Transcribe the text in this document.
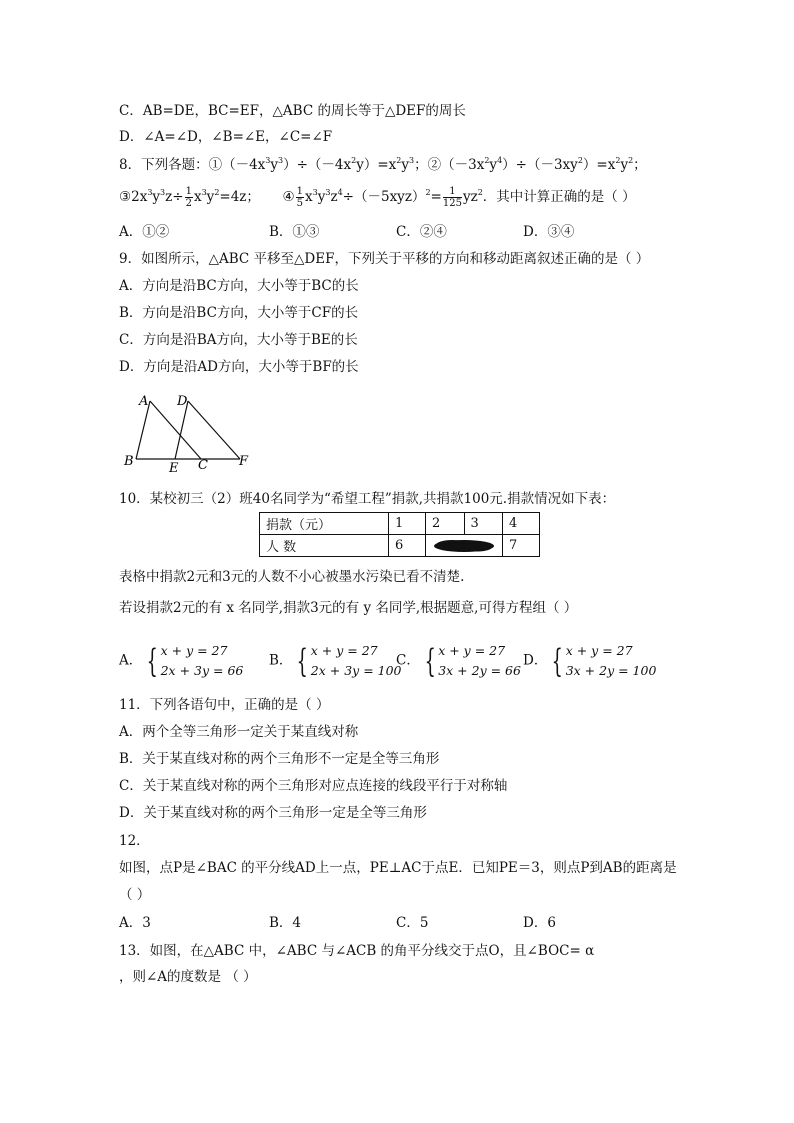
C．AB=DE，BC=EF，△ABC 的周长等于△DEF的周长
D．∠A=∠D，∠B=∠E，∠C=∠F
8．下列各题：$①(-4x^3y^3)\div(-4x^2y)=x^2y^3$；$②(-3x^2y^4)\div(-3xy^2)=x^2y^2$；
$③2x^3y^3z\div \frac{1}{2} x^3y^2=4z$； ④ $\frac{1}{5} x^3y^3z^4\div(-5xyz)^2= \frac{1}{125} yz^2$．其中计算正确的是（ ）
A．①②	B．①③	C．②④	D．③④
9．如图所示，△ABC 平移至△DEF，下列关于平移的方向和移动距离叙述正确的是（ ）
A．方向是沿BC方向，大小等于BC的长
B．方向是沿BC方向，大小等于CF的长
C．方向是沿BA方向，大小等于BE的长
D．方向是沿AD方向，大小等于BF的长
A D
B	E C F
10．某校初三（2）班40名同学为“希望工程”捐款,共捐款100元.捐款情况如下表：
捐款（元）	1	2	3	4
人 数	6			7
表格中捐款2元和3元的人数不小心被墨水污染已看不清楚.
若设捐款2元的有 x 名同学,捐款3元的有 y 名同学,根据题意,可得方程组（ ）
A． { x + y = 27
2x + 3y = 66
B． { x + y = 27
2x + 3y = 100
C． { x + y = 27
3x + 2y = 66
D． { x + y = 27
3x + 2y = 100
11．下列各语句中，正确的是（ ）
A．两个全等三角形一定关于某直线对称
B．关于某直线对称的两个三角形不一定是全等三角形
C．关于某直线对称的两个三角形对应点连接的线段平行于对称轴
D．关于某直线对称的两个三角形一定是全等三角形
12．
如图，点P是∠BAC 的平分线AD上一点，PE⊥AC于点E．已知PE＝3，则点P到AB的距离是
（ ）
A．3	B．4	C．5	D．6
13．如图，在△ABC 中，∠ABC 与∠ACB 的角平分线交于点O，且∠BOC= α
，则∠A的度数是 （ ）
